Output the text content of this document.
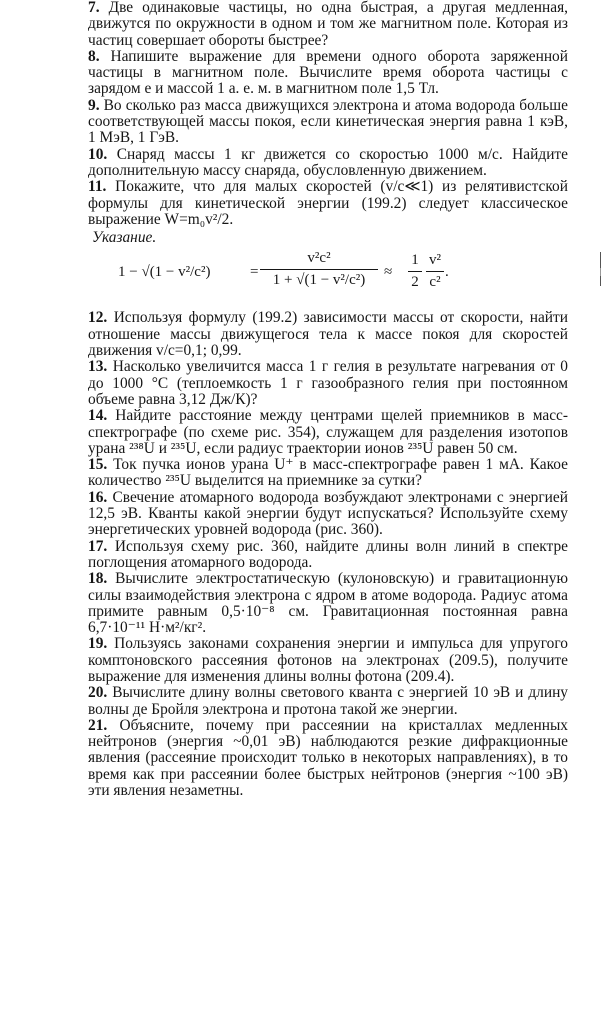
7. Две одинаковые частицы, но одна быстрая, а другая медленная, движутся по окружности в одном и том же магнитном поле. Которая из частиц совершает обороты быстрее?

8. Напишите выражение для времени одного оборота заряженной частицы в магнитном поле. Вычислите время оборота частицы с зарядом e и массой 1 а. е. м. в магнитном поле 1,5 Тл.

9. Во сколько раз масса движущихся электрона и атома водорода больше соответствующей массы покоя, если кинетическая энергия равна 1 кэВ, 1 МэВ, 1 ГэВ.

10. Снаряд массы 1 кг движется со скоростью 1000 м/с. Найдите дополнительную массу снаряда, обусловленную движением.

11. Покажите, что для малых скоростей (v/c≪1) из релятивистской формулы для кинетической энергии (199.2) следует классическое выражение W=m₀v²/2.

Указание.

1 − √(1 − v²/c²)	=
v²c²
1 + √(1 − v²/c²)	≈
1
2
v²
c²
.

12. Используя формулу (199.2) зависимости массы от скорости, найти отношение массы движущегося тела к массе покоя для скоростей движения v/c=0,1; 0,99.

13. Насколько увеличится масса 1 г гелия в результате нагревания от 0 до 1000 °C (теплоемкость 1 г газообразного гелия при постоянном объеме равна 3,12 Дж/К)?

14. Найдите расстояние между центрами щелей приемников в масс-спектрографе (по схеме рис. 354), служащем для разделения изотопов урана ²³⁸U и ²³⁵U, если радиус траектории ионов ²³⁵U равен 50 см.

15. Ток пучка ионов урана U⁺ в масс-спектрографе равен 1 мА. Какое количество ²³⁵U выделится на приемнике за сутки?

16. Свечение атомарного водорода возбуждают электронами с энергией 12,5 эВ. Кванты какой энергии будут испускаться? Используйте схему энергетических уровней водорода (рис. 360).

17. Используя схему рис. 360, найдите длины волн линий в спектре поглощения атомарного водорода.

18. Вычислите электростатическую (кулоновскую) и гравитационную силы взаимодействия электрона с ядром в атоме водорода. Радиус атома примите равным 0,5·10⁻⁸ см. Гравитационная постоянная равна 6,7·10⁻¹¹ Н·м²/кг².

19. Пользуясь законами сохранения энергии и импульса для упругого комптоновского рассеяния фотонов на электронах (209.5), получите выражение для изменения длины волны фотона (209.4).

20. Вычислите длину волны светового кванта с энергией 10 эВ и длину волны де Бройля электрона и протона такой же энергии.

21. Объясните, почему при рассеянии на кристаллах медленных нейтронов (энергия ~0,01 эВ) наблюдаются резкие дифракционные явления (рассеяние происходит только в некоторых направлениях), в то время как при рассеянии более быстрых нейтронов (энергия ~100 эВ) эти явления незаметны.
